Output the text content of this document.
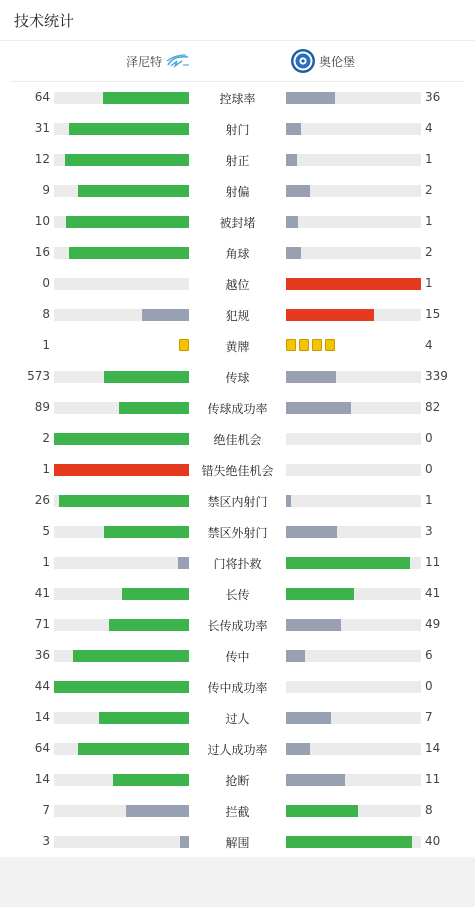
技术统计
泽尼特	奥伦堡
64	控球率	36
31	射门	4
12	射正	1
9	射偏	2
10	被封堵	1
16	角球	2
0	越位	1
8	犯规	15
1	黄牌	4
573	传球	339
89	传球成功率	82
2	绝佳机会	0
1	错失绝佳机会	0
26	禁区内射门	1
5	禁区外射门	3
1	门将扑救	11
41	长传	41
71	长传成功率	49
36	传中	6
44	传中成功率	0
14	过人	7
64	过人成功率	14
14	抢断	11
7	拦截	8
3	解围	40
